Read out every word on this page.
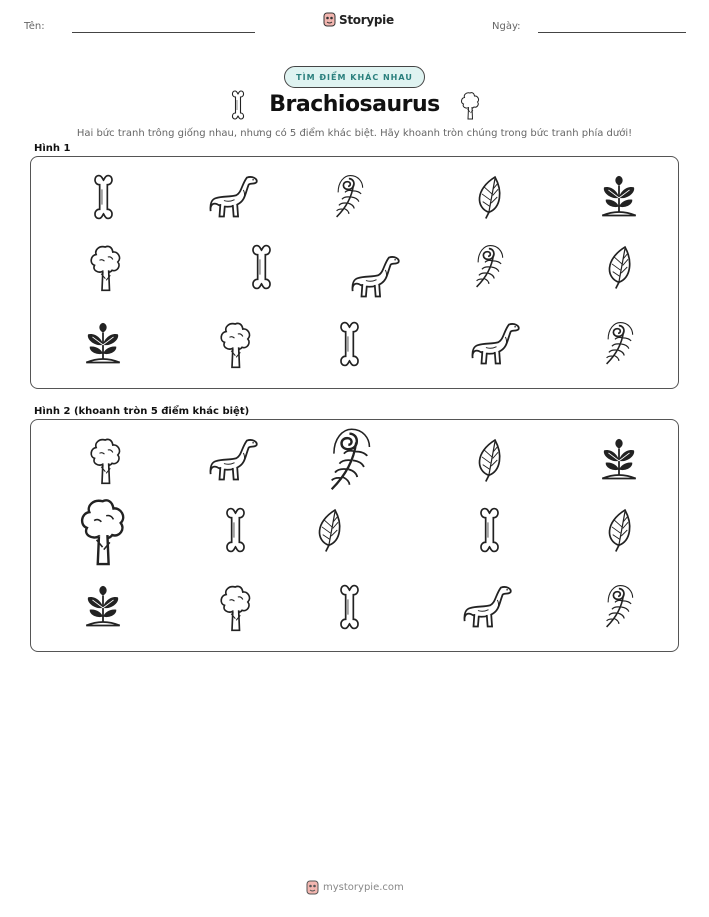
Tên:	Storypie	Ngày:
TÌM ĐIỂM KHÁC NHAU
Brachiosaurus
Hai bức tranh trông giống nhau, nhưng có 5 điểm khác biệt. Hãy khoanh tròn chúng trong bức tranh phía dưới!
Hình 1
Hình 2 (khoanh tròn 5 điểm khác biệt)
mystorypie.com
